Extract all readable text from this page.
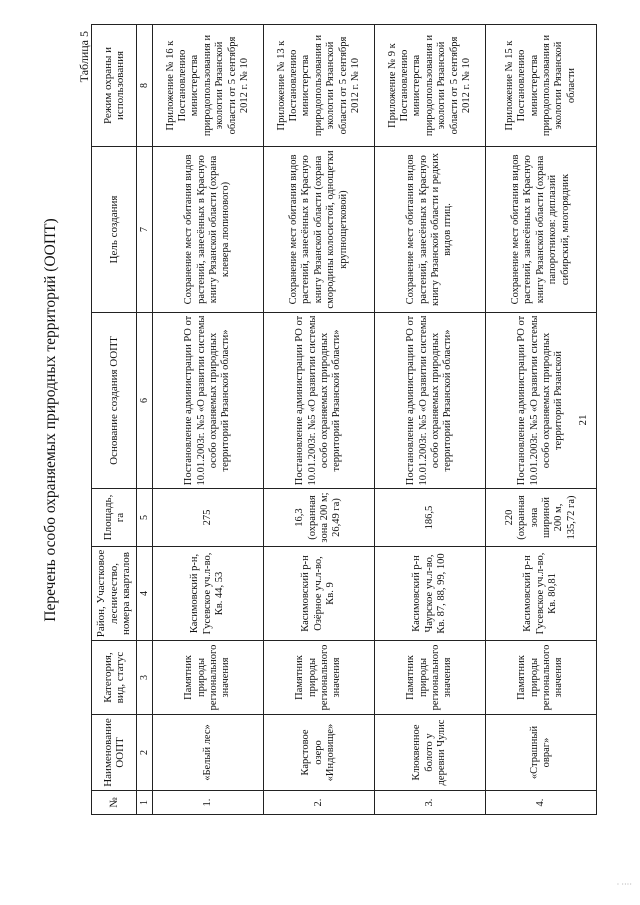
Перечень особо охраняемых природных территорий (ООПТ)
Таблица 5
№	Наименование ООПТ	Категория, вид, статус	Район, Участковое лесничество, номера кварталов	Площадь, га	Основание создания ООПТ	Цель создания	Режим охраны и использования
1	2	3	4	5	6	7	8
1.	«Белый лес»	Памятник природы регионального значения	Касимовский р-н, Гусевское уч.л-во, Кв. 44, 53	275	Постановление администрации РО от 10.01.2003г. №5 «О развитии системы особо охраняемых природных территорий Рязанской области»	Сохранение мест обитания видов растений, занесённых в Красную книгу Рязанской области (охрана клевера люпинового)	Приложение № 16 к Постановлению министерства природопользования и экологии Рязанской области от 5 сентября 2012 г. № 10
2.	Карстовое озеро «Индовище»	Памятник природы регионального значения	Касимовский р-н Озёрное уч.л-во, Кв. 9	16,3 (охранная зона 200 м; 26,49 га)	Постановление администрации РО от 10.01.2003г. №5 «О развитии системы особо охраняемых природных территорий Рязанской области»	Сохранение мест обитания видов растений, занесённых в Красную книгу Рязанской области (охрана смородины колосистой, однощетки крупнощетковой)	Приложение № 13 к Постановлению министерства природопользования и экологии Рязанской области от 5 сентября 2012 г. № 10
3.	Клюквенное болото у деревни Чулис	Памятник природы регионального значения	Касимовский р-н Чаурское уч.л-во, Кв. 87, 88, 99, 100	186,5	Постановление администрации РО от 10.01.2003г. №5 «О развитии системы особо охраняемых природных территорий Рязанской области»	Сохранение мест обитания видов растений, занесённых в Красную книгу Рязанской области и редких видов птиц.	Приложение № 9 к Постановлению министерства природопользования и экологии Рязанской области от 5 сентября 2012 г. № 10
4.	«Страшный овраг»	Памятник природы регионального значения	Касимовский р-н Гусевское уч.л-во, Кв. 80,81	220 (охранная зона шириной 200 м, 135,72 га)	Постановление администрации РО от 10.01.2003г. №5 «О развитии системы особо охраняемых природных территорий Рязанской	Сохранение мест обитания видов растений, занесённых в Красную книгу Рязанской области (охрана папоротников: диплазий сибирский, многорядник	Приложение № 15 к Постановлению министерства природопользования и экологии Рязанской области
21
· ····
